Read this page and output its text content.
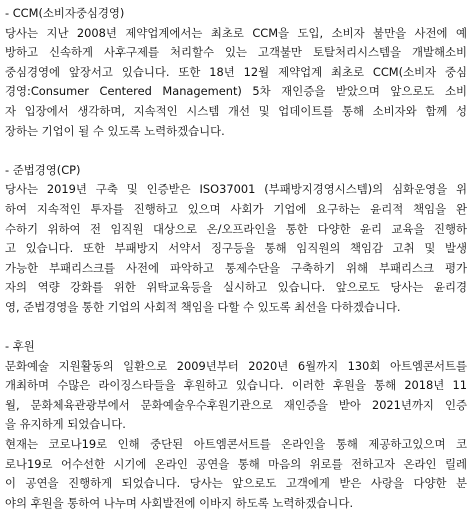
- CCM(소비자중심경영)
당사는 지난 2008년 제약업계에서는 최초로 CCM을 도입, 소비자 불만을 사전에 예
방하고 신속하게 사후구제를 처리할수 있는 고객불만 토탈처리시스템을 개발해소비
중심경영에 앞장서고 있습니다. 또한 18년 12월 제약업계 최초로 CCM(소비자 중심
경영:Consumer Centered Management) 5차 재인증을 받았으며 앞으로도 소비
자 입장에서 생각하며, 지속적인 시스템 개선 및 업데이트를 통해 소비자와 함께 성
장하는 기업이 될 수 있도록 노력하겠습니다.
- 준법경영(CP)
당사는 2019년 구축 및 인증받은 ISO37001 (부패방지경영시스템)의 심화운영을 위
하여 지속적인 투자를 진행하고 있으며 사회가 기업에 요구하는 윤리적 책임을 완
수하기 위하여 전 임직원 대상으로 온/오프라인을 통한 다양한 윤리 교육을 진행하
고 있습니다. 또한 부패방지 서약서 징구등을 통해 임직원의 책임감 고취 및 발생
가능한 부패리스크를 사전에 파악하고 통제수단을 구축하기 위해 부패리스크 평가
자의 역량 강화를 위한 위탁교육등을 실시하고 있습니다. 앞으로도 당사는 윤리경
영, 준법경영을 통한 기업의 사회적 책임을 다할 수 있도록 최선을 다하겠습니다.
- 후원
문화예술 지원활동의 일환으로 2009년부터 2020년 6월까지 130회 아트엠콘서트를
개최하며 수많은 라이징스타들을 후원하고 있습니다. 이러한 후원을 통해 2018년 11
월, 문화체육관광부에서 문화예술우수후원기관으로 재인증을 받아 2021년까지 인증
을 유지하게 되었습니다.
현재는 코로나19로 인해 중단된 아트엠콘서트를 온라인을 통해 제공하고있으며 코
로나19로 어수선한 시기에 온라인 공연을 통해 마음의 위로를 전하고자 온라인 릴레
이 공연을 진행하게 되었습니다. 당사는 앞으로도 고객에게 받은 사랑을 다양한 분
야의 후원을 통하여 나누며 사회발전에 이바지 하도록 노력하겠습니다.
